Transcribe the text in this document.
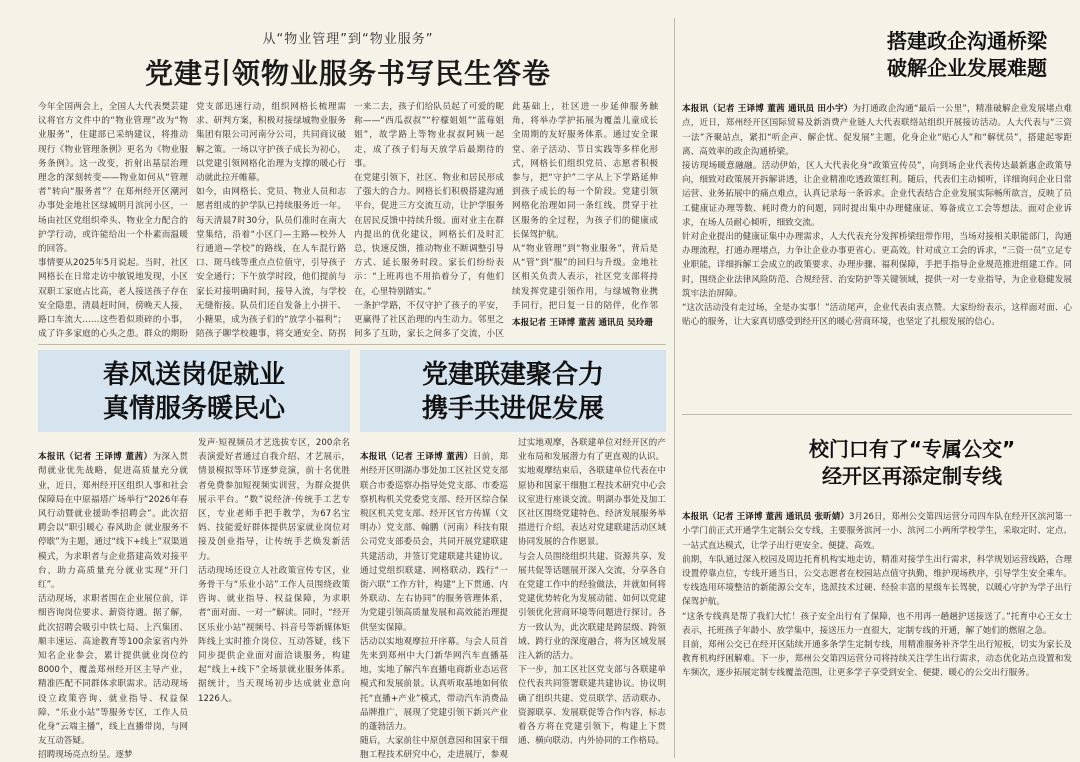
从“物业管理”到“物业服务”
党建引领物业服务书写民生答卷
今年全国两会上，全国人大代表樊芸建议将官方文件中的“物业管理”改为“物业服务”，住建部已采纳建议，将推动现行《物业管理条例》更名为《物业服务条例》。这一改变，折射出基层治理理念的深刻转变——物业如何从“管理者”转向“服务者”？在郑州经开区潮河办事处金地社区绿城明月滨河小区，一场由社区党组织牵头、物业全力配合的护学行动，或许能给出一个朴素而温暖的回答。
事情要从2025年5月说起。当时，社区网格长在日常走访中敏锐地发现，小区双职工家庭占比高，老人接送孩子存在安全隐患，清晨赶时间，傍晚天人接，路口车流大……这些看似琐碎的小事，成了许多家庭的心头之患。群众的期盼
党支部迅速行动，组织网格长梳理需求、研判方案，积极对接绿城物业服务集团有限公司河南分公司，共同商议破解之策。一场以守护孩子成长为初心，以党建引领网格化治理为支撑的暖心行动就此拉开帷幕。
如今，由网格长、党员、物业人员和志愿者组成的护学队已持续服务近一年。每天清晨7时30分，队员们准时在南大堂集结，沿着“小区门—主路—校外人行通道—学校”的路线，在人车混行路口、斑马线等重点点位值守，引导孩子安全通行；下午放学时段，他们提前与家长对接明确时间，接导入流，与学校无缝衔接。队员们还自发备上小拼干、小糖果，成为孩子们的“放学小福利”；陪孩子聊学校趣事，将交通安全、防拐
一来二去，孩子们给队员起了可爱的昵称——“西瓜叔叔”“柠檬姐姐”“蓝莓姐姐”，故学路上等物业叔叔阿姨一起走，成了孩子们每天放学后最期待的事。
在党建引领下，社区、物业和居民形成了强大的合力。网格长们积极搭建沟通平台，促进三方交流互动，让护学服务在居民反馈中持续升级。面对业主在群内提出的优化建议，网格长们及时汇总，快速反馈，推动物业不断调整引导方式、延长服务时段。家长们纷纷表示：“上班再也不用掐着分了，有他们在，心里特别踏实。”
一条护学路，不仅守护了孩子的平安，更赢得了社区治理的内生动力。邻里之间多了互助，家长之间多了交流，小区
此基础上，社区进一步延伸服务触角，将举办学护拓展为覆盖儿童成长全周期的友好服务体系。通过安全课堂、亲子活动、节日实践等多样化形式，网格长们组织党员、志愿者积极参与，把“守护”二字从上下学路延伸到孩子成长的每一个阶段。党建引领网格化治理如同一条红线，贯穿于社区服务的全过程，为孩子们的健康成长保驾护航。
从“物业管理”到“物业服务”，背后是从“管”到“服”的回归与升级。金地社区相关负责人表示，社区党支部将持续发挥党建引领作用，与绿城物业携手同行，把日复一日的陪伴，化作邻
本报记者 王译博 董茜 通讯员 吴玲珊
搭建政企沟通桥梁
破解企业发展难题

本报讯（记者 王译博 董茜 通讯员 田小宇）为打通政企沟通“最后一公里”，精准破解企业发展堵点难点，近日，郑州经开区国际贸易及新消费产业链人大代表联络站组织开展接访活动。人大代表与“三资一法”齐聚站点，紧扣“听企声、解企忧、促发展”主题，化身企业“贴心人”和“解忧员”，搭建起零距离、高效率的政企沟通桥梁。
接访现场暖意融融。活动伊始，区人大代表化身“政策宣传员”，向到场企业代表传达最新惠企政策导向，细致对政策展开拆解讲透，让企业精准吃透政策红利。随后，代表们主动倾听，详细询问企业日常运营、业务拓展中的痛点难点，认真记录每一条诉求。企业代表结合企业发展实际畅所欲言，反映了员工健康证办理等数、耗时费力的问题，同时提出集中办理健康证、筹备成立工会等想法。面对企业诉求，在场人员耐心倾听，细致交流。
针对企业提出的健康证集中办理需求，人大代表充分发挥桥梁纽带作用，当场对接相关职能部门，沟通办理流程，打通办理堵点，力争让企业办事更省心、更高效。针对成立工会的诉求，“三资一员”立足专业职能，详细拆解工会成立的政策要求、办理步骤、福利保障，手把手指导企业规范推进组建工作。同时，围绕企业法律风险防范、合规经营、治安防护等关键领域，提供一对一专业指导，为企业稳健发展筑牢法治屏障。
“这次活动没有走过场，全是办实事！”活动尾声，企业代表由衷点赞。大家纷纷表示，这样面对面、心贴心的服务，让大家真切感受到经开区的暖心营商环境，也坚定了扎根发展的信心。

校门口有了“专属公交”
经开区再添定制专线

本报讯（记者 王译博 董茜 通讯员 张昕婧）3月26日，郑州公交第四运营分司四车队在经开区滨河第一小学门前正式开通学生定制公交专线，主要服务滨河一小、滨河二小两所学校学生，采取定时、定点、一站式直达模式，让学子出行更安全、便捷、高效。
前期，车队通过深入校园及周边托育机构实地走访，精准对接学生出行需求，科学规划运营线路，合理设置停靠点位，专线开通当日，公交志愿者在校园站点值守执勤，维护现场秩序，引导学生安全乘车。专线选用环境整洁的新能源公交车，选派技术过硬、经验丰富的星级车长驾驶，以暖心守护为学子出行保驾护航。
“这条专线真是帮了我们大忙！孩子安全出行有了保障，也不用再一趟趟护送接送了。”托育中心王女士表示，托班孩子年龄小、放学集中，接送压力一直很大，定制专线的开通，解了她们的燃眉之急。
目前，郑州公交已在经开区陆续开通多条学生定制专线，用精准服务补齐学生出行短板，切实为家长及教育机构纾困解难。下一步，郑州公交第四运营分司将持续关注学生出行需求，动态优化站点设置和发车频次，逐步拓展定制专线覆盖范围，让更多学子享受到安全、便捷、暖心的公交出行服务。

春风送岗促就业
真情服务暖民心

本报讯（记者 王译博 董茜）为深入贯彻就业优先战略，促进高质量充分就业，近日，郑州经开区组织人事和社会保障局在中原福塔广场举行“2026年春风行动暨就业援助季招聘会”。此次招聘会以“职引暖心 春风助企 就业服务不停歇”为主题，通过“线下+线上”双渠道模式，为求职者与企业搭建高效对接平台，助力高质量充分就业实现“开门红”。
活动现场，求职者围在企业展位前，详细咨询岗位要求、薪资待遇。据了解，此次招聘会吸引中铁七局、上汽集团、顺丰速运、高途教育等100余家省内外知名企业参会，累计提供就业岗位约8000个，覆盖郑州经开区主导产业，精准匹配不同群体求职需求。活动现场设立政策咨询、就业指导、权益保障、“乐业小站”等服务专区，工作人员化身“云端主播”，线上直播带岗，与网友互动答疑。
招聘现场亮点纷呈。逐梦

发声·短视频员才艺选拔专区，200余名表演爱好者通过自我介绍、才艺展示，情景模拟等环节逐梦竞演，前十名优胜者免费参加短视频实训营，为群众提供展示平台。“数”说经济·传统手工艺专区，专业老师手把手教学，为67名宝妈、技能爱好群体提供居家就业岗位对接及创业指导，让传统手艺焕发新活力。
活动现场还设立人社政策宣传专区，业务骨干与“乐业小站”工作人员围绕政策咨询、就业指导、权益保障，为求职者“面对面、一对一”解读。同时，“经开区乐业小站”视频号、抖音号等新媒体矩阵线上实时推介岗位、互动答疑，线下同步提供企业面对面洽谈服务，构建起“线上+线下”全场景就业服务体系。据统计，当天现场初步达成就业意向1226人。
党建联建聚合力
携手共进促发展

本报讯（记者 王译博 董茜）日前，郑州经开区明湖办事处加工区社区党支部联合市委巡察办指导处党支部、市委巡察机构机关党委党支部、经开区综合保税区机关党支部、经开区官方传媒（文明办）党支部、翰鹏（河南）科技有限公司党支部委员会，共同开展党建联建共建活动，并签订党建联建共建协议。通过党组织联建、网格联动、践行“一街六联”工作方针，构建“上下贯通、内外联动、左右协同”的服务管理体系，为党建引领高质量发展和高效能治理提供坚实保障。
活动以实地观摩拉开序幕。与会人员首先来到郑州中大门新华网汽车直播基地，实地了解汽车直播电商新业态运营模式和发展前景。认真听取基地如何依托“直播+产业”模式，带动汽车消费品品牌推广，展现了党建引领下新兴产业的蓬勃活力。
随后，大家前往中原创意园和国家干细胞工程技术研究中心，走进展厅，参观

过实地观摩，各联建单位对经开区的产业布局和发展潜力有了更直观的认识。
实地观摩结束后，各联建单位代表在中原协和国家干细胞工程技术研究中心会议室进行座谈交流。明湖办事处及加工区社区围绕党建特色、经济发展服务举措进行介绍，表达对党建联建活动区域协同发展的合作愿景。
与会人员围绕组织共建、资源共享、发展共促等话题展开深入交流，分享各自在党建工作中的经验做法，并就如何将党建优势转化为发展动能、如何以党建引领优化营商环境等问题进行探讨。各方一致认为，此次联建是跨层级、跨领域、跨行业的深度融合，将为区域发展注入新的活力。
下一步，加工区社区党支部与各联建单位代表共同签署联建共建协议。协议明确了组织共建、党员联学、活动联办、资源联享、发展联促等合作内容，标志着各方将在党建引领下，构建上下贯通、横向联动、内外协同的工作格局。
